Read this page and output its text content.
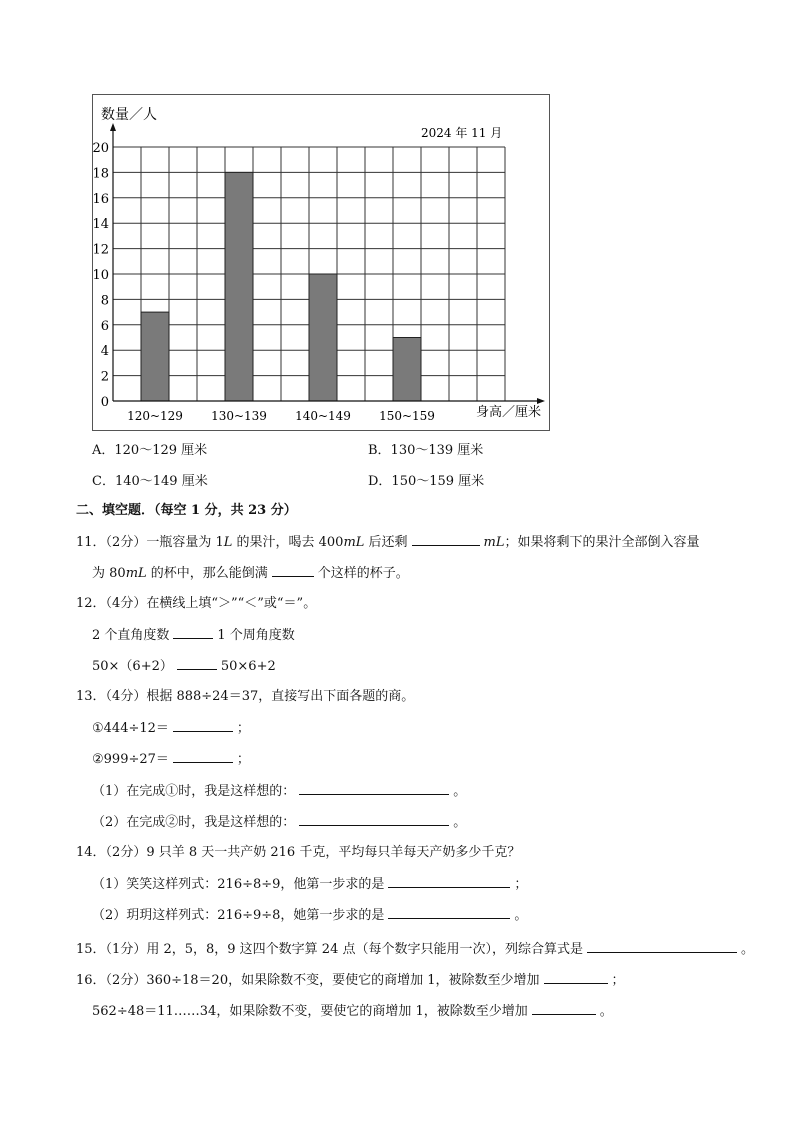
数量／人
2024 年 11 月
身高／厘米
120~129 130~139 140~149 150~159
0
2
4
6
8
10
12
14
16
18
20
A．120～129 厘米	B．130～139 厘米
C．140～149 厘米	D．150～159 厘米
二、填空题．（每空 1 分，共 23 分）
11．（2分）一瓶容量为 1L 的果汁，喝去 400mL 后还剩	mL；如果将剩下的果汁全部倒入容量
为 80mL 的杯中，那么能倒满	个这样的杯子。
12．（4分）在横线上填“＞”“＜”或“＝”。
2 个直角度数	1 个周角度数
50×（6+2）	50×6+2
13．（4分）根据 888÷24＝37，直接写出下面各题的商。
①444÷12＝	；
②999÷27＝	；
（1）在完成①时，我是这样想的：	。
（2）在完成②时，我是这样想的：	。
14．（2分）9 只羊 8 天一共产奶 216 千克，平均每只羊每天产奶多少千克？
（1）笑笑这样列式：216÷8÷9，他第一步求的是	；
（2）玥玥这样列式：216÷9÷8，她第一步求的是	。
15．（1分）用 2，5，8，9 这四个数字算 24 点（每个数字只能用一次），列综合算式是	。
16．（2分）360÷18＝20，如果除数不变，要使它的商增加 1，被除数至少增加	；
562÷48＝11……34，如果除数不变，要使它的商增加 1，被除数至少增加	。
